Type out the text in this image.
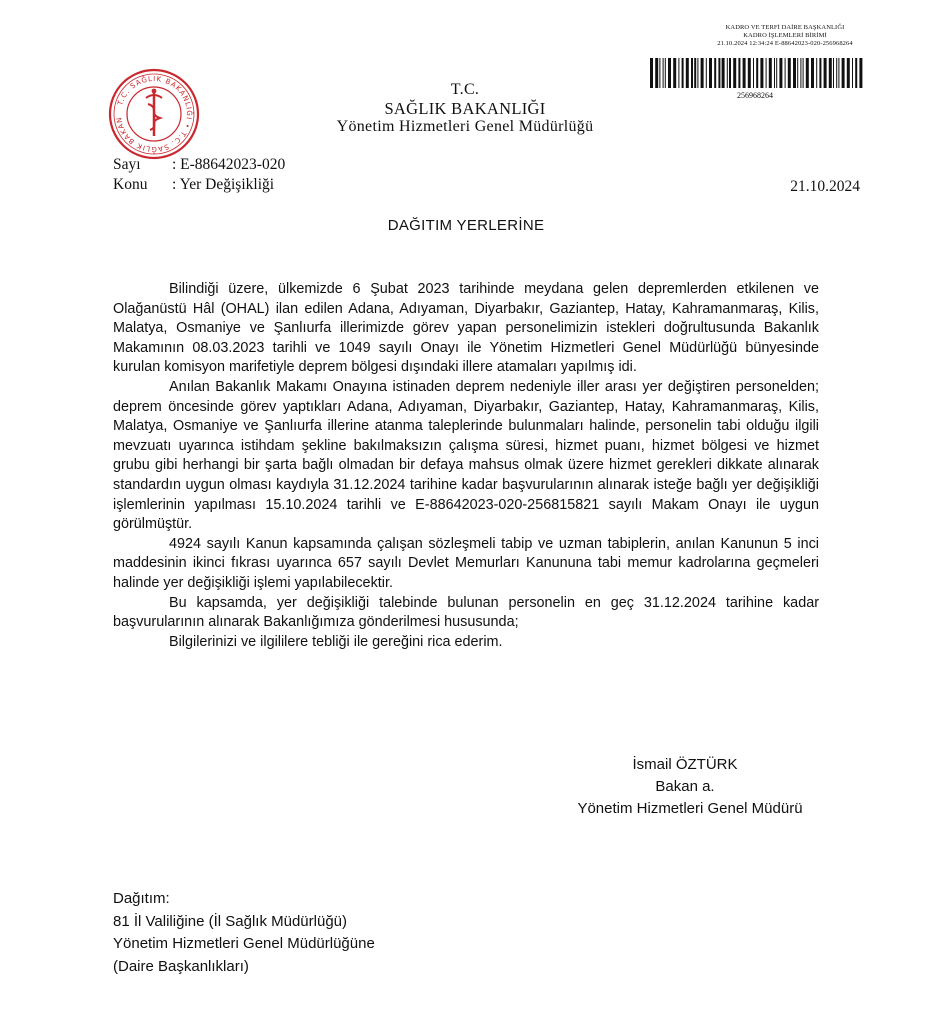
T.C. SAĞLIK BAKANLIĞI • T.C. SAĞLIK BAKAN
KADRO VE TERFİ DAİRE BAŞKANLIĞI
KADRO İŞLEMLERİ BİRİMİ
21.10.2024 12:34:24 E-88642023-020-256968264
256968264
T.C.
SAĞLIK BAKANLIĞI
Yönetim Hizmetleri Genel Müdürlüğü
Sayı : E-88642023-020
Konu : Yer Değişikliği	21.10.2024
DAĞITIM YERLERİNE

Bilindiği üzere, ülkemizde 6 Şubat 2023 tarihinde meydana gelen depremlerden etkilenen ve Olağanüstü Hâl (OHAL) ilan edilen Adana, Adıyaman, Diyarbakır, Gaziantep, Hatay, Kahramanmaraş, Kilis, Malatya, Osmaniye ve Şanlıurfa illerimizde görev yapan personelimizin istekleri doğrultusunda Bakanlık Makamının 08.03.2023 tarihli ve 1049 sayılı Onayı ile Yönetim Hizmetleri Genel Müdürlüğü bünyesinde kurulan komisyon marifetiyle deprem bölgesi dışındaki illere atamaları yapılmış idi.

Anılan Bakanlık Makamı Onayına istinaden deprem nedeniyle iller arası yer değiştiren personelden; deprem öncesinde görev yaptıkları Adana, Adıyaman, Diyarbakır, Gaziantep, Hatay, Kahramanmaraş, Kilis, Malatya, Osmaniye ve Şanlıurfa illerine atanma taleplerinde bulunmaları halinde, personelin tabi olduğu ilgili mevzuatı uyarınca istihdam şekline bakılmaksızın çalışma süresi, hizmet puanı, hizmet bölgesi ve hizmet grubu gibi herhangi bir şarta bağlı olmadan bir defaya mahsus olmak üzere hizmet gerekleri dikkate alınarak standardın uygun olması kaydıyla 31.12.2024 tarihine kadar başvurularının alınarak isteğe bağlı yer değişikliği işlemlerinin yapılması 15.10.2024 tarihli ve E-88642023-020-256815821 sayılı Makam Onayı ile uygun görülmüştür.

4924 sayılı Kanun kapsamında çalışan sözleşmeli tabip ve uzman tabiplerin, anılan Kanunun 5 inci maddesinin ikinci fıkrası uyarınca 657 sayılı Devlet Memurları Kanununa tabi memur kadrolarına geçmeleri halinde yer değişikliği işlemi yapılabilecektir.

Bu kapsamda, yer değişikliği talebinde bulunan personelin en geç 31.12.2024 tarihine kadar başvurularının alınarak Bakanlığımıza gönderilmesi hususunda;

Bilgilerinizi ve ilgililere tebliği ile gereğini rica ederim.

İsmail ÖZTÜRK
Bakan a.
Yönetim Hizmetleri Genel Müdürü
Dağıtım:
81 İl Valiliğine (İl Sağlık Müdürlüğü)
Yönetim Hizmetleri Genel Müdürlüğüne
(Daire Başkanlıkları)
